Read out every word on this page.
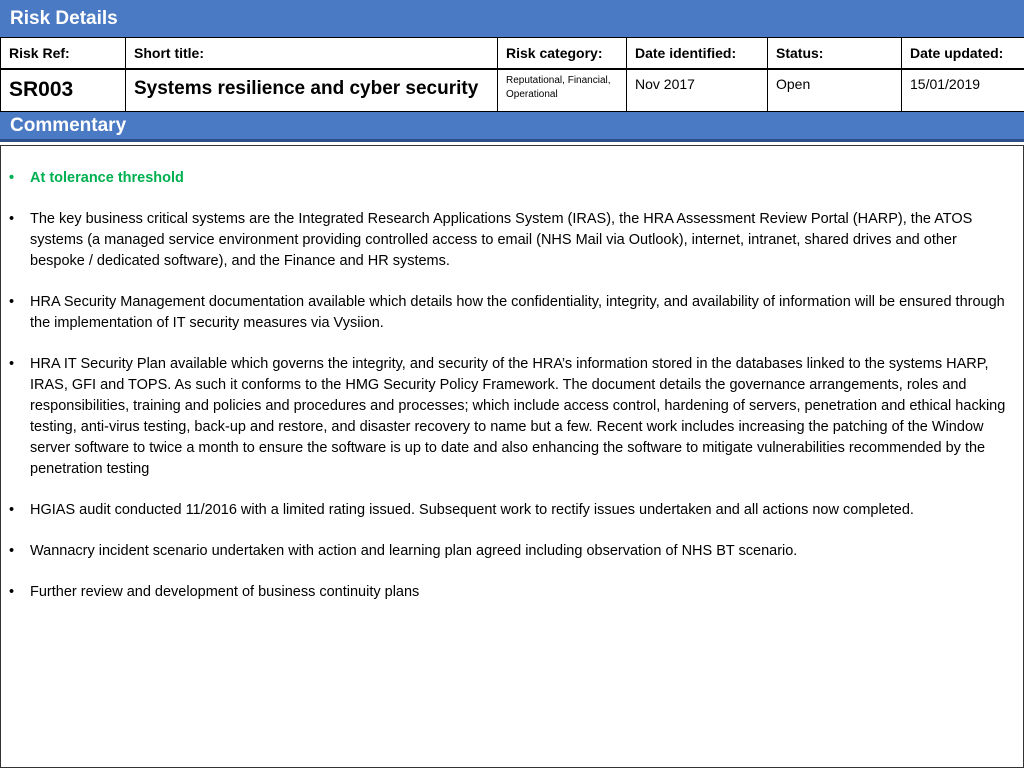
Risk Details
Risk Ref:	Short title:	Risk category:	Date identified:	Status:	Date updated:
SR003	Systems resilience and cyber security	Reputational, Financial, Operational	Nov 2017	Open	15/01/2019
Commentary
• At tolerance threshold
• The key business critical systems are the Integrated Research Applications System (IRAS), the HRA Assessment Review Portal (HARP), the ATOS systems (a managed service environment providing controlled access to email (NHS Mail via Outlook), internet, intranet, shared drives and other bespoke / dedicated software), and the Finance and HR systems.
• HRA Security Management documentation available which details how the confidentiality, integrity, and availability of information will be ensured through the implementation of IT security measures via Vysiion.
• HRA IT Security Plan available which governs the integrity, and security of the HRA’s information stored in the databases linked to the systems HARP, IRAS, GFI and TOPS. As such it conforms to the HMG Security Policy Framework. The document details the governance arrangements, roles and responsibilities, training and policies and procedures and processes; which include access control, hardening of servers, penetration and ethical hacking testing, anti-virus testing, back-up and restore, and disaster recovery to name but a few. Recent work includes increasing the patching of the Window server software to twice a month to ensure the software is up to date and also enhancing the software to mitigate vulnerabilities recommended by the penetration testing
• HGIAS audit conducted 11/2016 with a limited rating issued. Subsequent work to rectify issues undertaken and all actions now completed.
• Wannacry incident scenario undertaken with action and learning plan agreed including observation of NHS BT scenario.
• Further review and development of business continuity plans
